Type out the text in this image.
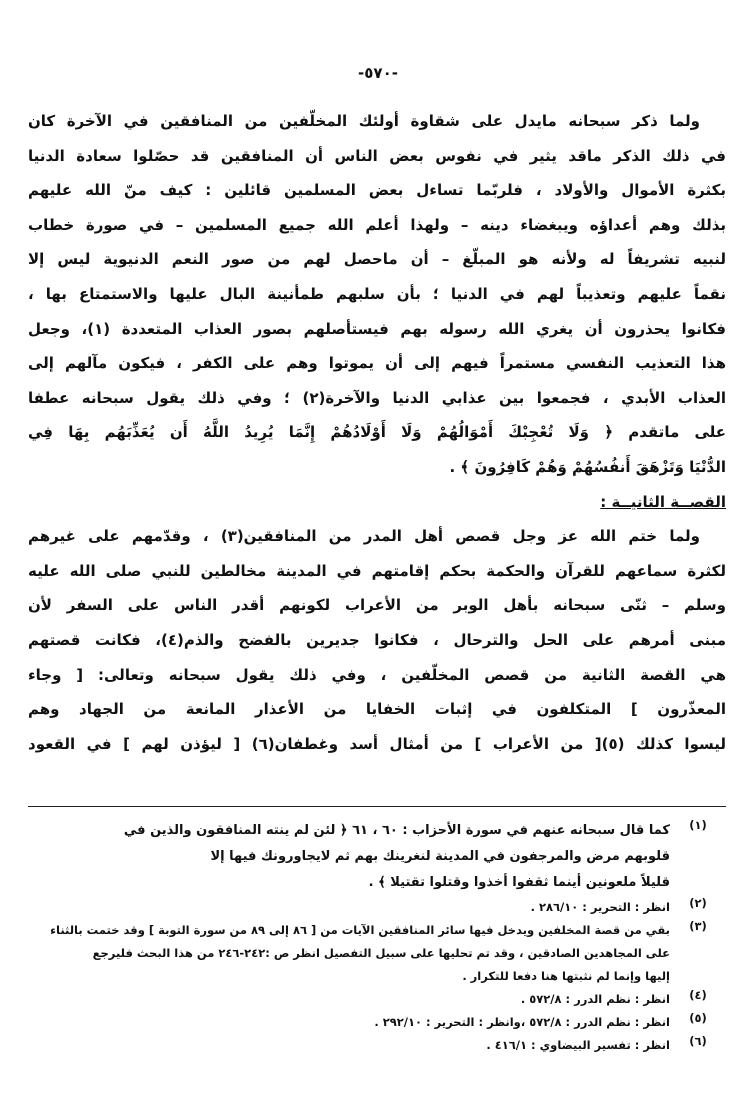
-٥٧٠-
ولما ذكر سبحانه مايدل على شقاوة أولئك المخلّفين من المنافقين في الآخرة كان
في ذلك الذكر ماقد يثير في نفوس بعض الناس أن المنافقين قد حصّلوا سعادة الدنيا
بكثرة الأموال والأولاد ، فلربّما تساءل بعض المسلمين قائلين : كيف منّ الله عليهم
بذلك وهم أعداؤه ويبغضاء دينه – ولهذا أعلم الله جميع المسلمين – في صورة خطاب
لنبيه تشريفاً له ولأنه هو المبلّغ – أن ماحصل لهم من صور النعم الدنيوية ليس إلا
نقماً عليهم وتعذيباً لهم في الدنيا ؛ بأن سلبهم طمأنينة البال عليها والاستمتاع بها ،
فكانوا يحذرون أن يغري الله رسوله بهم فيستأصلهم بصور العذاب المتعددة (١)، وجعل
هذا التعذيب النفسي مستمراً فيهم إلى أن يموتوا وهم على الكفر ، فيكون مآلهم إلى
العذاب الأبدي ، فجمعوا بين عذابي الدنيا والآخرة(٢) ؛ وفي ذلك يقول سبحانه عطفا
على ماتقدم ﴿ وَلَا تُعْجِبْكَ أَمْوَالُهُمْ وَلَا أَوْلَادُهُمْ إِنَّمَا يُرِيدُ اللَّهُ أَن يُعَذِّبَهُم بِهَا فِي
الدُّنْيَا وَتَزْهَقَ أَنفُسُهُمْ وَهُمْ كَافِرُونَ ﴾ .
القصــة الثانيــة :
ولما ختم الله عز وجل قصص أهل المدر من المنافقين(٣) ، وقدّمهم على غيرهم
لكثرة سماعهم للقرآن والحكمة بحكم إقامتهم في المدينة مخالطين للنبي صلى الله عليه
وسلم – ثنّى سبحانه بأهل الوبر من الأعراب لكونهم أقدر الناس على السفر لأن
مبنى أمرهم على الحل والترحال ، فكانوا جديرين بالفضح والذم(٤)، فكانت قصتهم
هي القصة الثانية من قصص المخلّفين ، وفي ذلك يقول سبحانه وتعالى: [ وجاء
المعذّرون ] المتكلفون في إثبات الخفايا من الأعذار المانعة من الجهاد وهم
ليسوا كذلك (٥)[ من الأعراب ] من أمثال أسد وغطفان(٦) [ ليؤذن لهم ] في القعود
(١)
كما قال سبحانه عنهم في سورة الأحزاب : ٦٠ ، ٦١ ﴿ لئن لم ينته المنافقون والذين في
قلوبهم مرض والمرجفون في المدينة لنغرينك بهم ثم لايجاورونك فيها إلا
قليلاً ملعونين أينما ثقفوا أخذوا وقتلوا تقتيلا ﴾ .
(٢)
انظر : التحرير : ٢٨٦/١٠ .
(٣)
بقي من قصة المخلفين ويدخل فيها سائر المنافقين الآيات من [ ٨٦ إلى ٨٩ من سورة التوبة ] وقد ختمت بالثناء
على المجاهدين الصادقين ، وقد تم تحليها على سبيل التفصيل انظر ص :٢٤٢-٢٤٦ من هذا البحث فليرجع
إليها وإنما لم نثبتها هنا دفعا للتكرار .
(٤)
انظر : نظم الدرر : ٥٧٢/٨ .
(٥)
انظر : نظم الدرر : ٥٧٢/٨ ،وانظر : التحرير : ٢٩٢/١٠ .
(٦)
انظر : تفسير البيضاوي : ٤١٦/١ .
